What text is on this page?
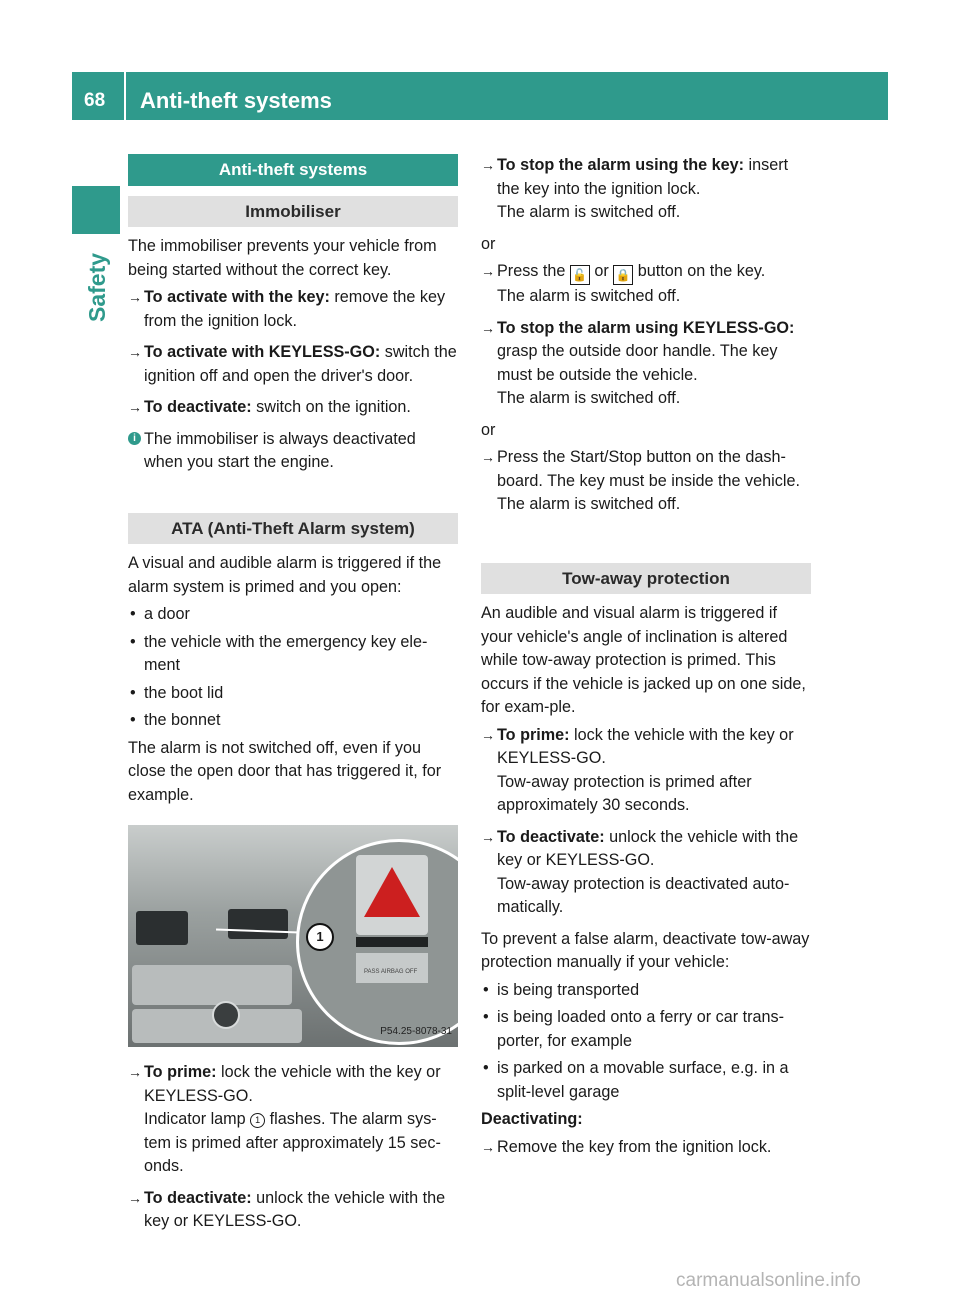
68 Anti-theft systems
Safety
Anti-theft systems
Immobiliser

The immobiliser prevents your vehicle from being started without the correct key.

→ To activate with the key: remove the key from the ignition lock.
→ To activate with KEYLESS-GO: switch the ignition off and open the driver's door.
→ To deactivate: switch on the ignition.
i The immobiliser is always deactivated when you start the engine.
ATA (Anti-Theft Alarm system)

A visual and audible alarm is triggered if the alarm system is primed and you open:

• a door
• the vehicle with the emergency key ele-ment
• the boot lid
• the bonnet

The alarm is not switched off, even if you close the open door that has triggered it, for example.

PASS AIRBAG OFF
1
P54.25-8078-31
→ To prime: lock the vehicle with the key or KEYLESS-GO.
Indicator lamp 1 flashes. The alarm sys-tem is primed after approximately 15 sec-onds.
→ To deactivate: unlock the vehicle with the key or KEYLESS-GO.
→ To stop the alarm using the key: insert the key into the ignition lock.
The alarm is switched off.

or

→ Press the 🔓 or 🔒 button on the key.
The alarm is switched off.
→ To stop the alarm using KEYLESS-GO: grasp the outside door handle. The key must be outside the vehicle.
The alarm is switched off.

or

→ Press the Start/Stop button on the dash-board. The key must be inside the vehicle.
The alarm is switched off.
Tow-away protection

An audible and visual alarm is triggered if your vehicle's angle of inclination is altered while tow-away protection is primed. This occurs if the vehicle is jacked up on one side, for exam-ple.

→ To prime: lock the vehicle with the key or KEYLESS-GO.
Tow-away protection is primed after approximately 30 seconds.
→ To deactivate: unlock the vehicle with the key or KEYLESS-GO.
Tow-away protection is deactivated auto-matically.

To prevent a false alarm, deactivate tow-away protection manually if your vehicle:

• is being transported
• is being loaded onto a ferry or car trans-porter, for example
• is parked on a movable surface, e.g. in a split-level garage

Deactivating:

→ Remove the key from the ignition lock.
carmanualsonline.info
